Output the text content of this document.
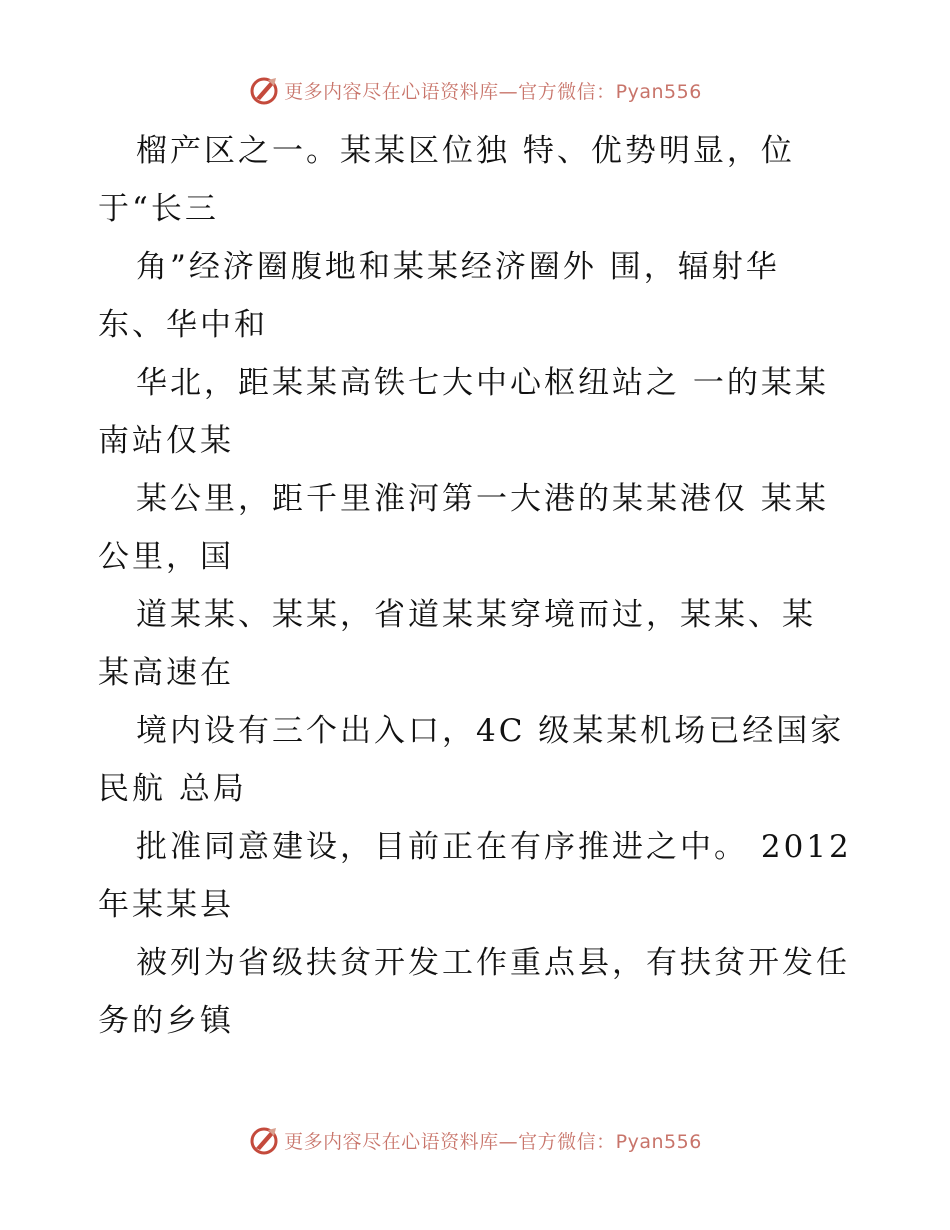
更多内容尽在心语资料库—官方微信：Pyan556
榴产区之一。某某区位独 特、优势明显，位
于“长三
角”经济圈腹地和某某经济圈外 围，辐射华
东、华中和
华北，距某某高铁七大中心枢纽站之 一的某某
南站仅某
某公里，距千里淮河第一大港的某某港仅 某某
公里，国
道某某、某某，省道某某穿境而过，某某、某
某高速在
境内设有三个出入口，4C 级某某机场已经国家
民航 总局
批准同意建设，目前正在有序推进之中。 2012
年某某县
被列为省级扶贫开发工作重点县，有扶贫开发任
务的乡镇
更多内容尽在心语资料库—官方微信：Pyan556
